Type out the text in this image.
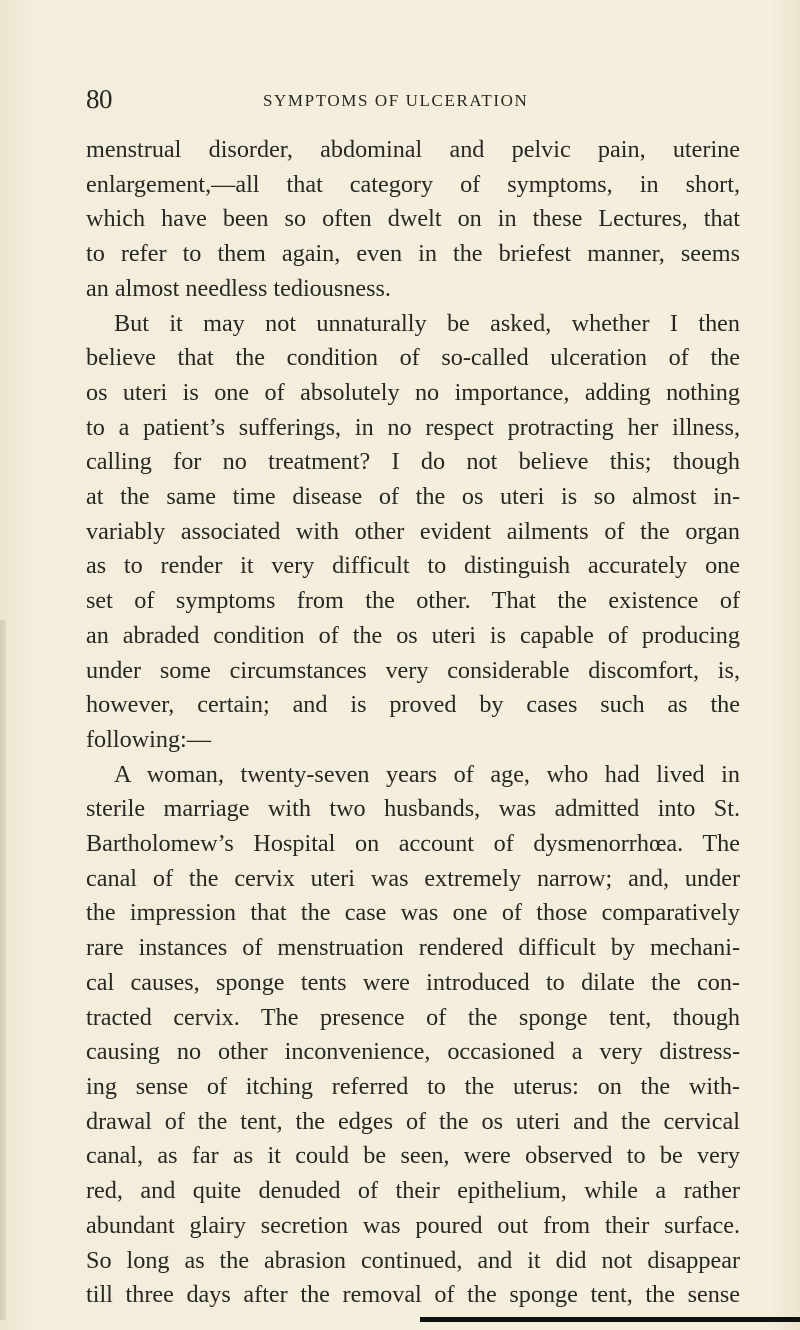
80	SYMPTOMS OF ULCERATION

menstrual disorder, abdominal and pelvic pain, uterine
enlargement,—all that category of symptoms, in short,
which have been so often dwelt on in these Lectures, that
to refer to them again, even in the briefest manner, seems
an almost needless tediousness.

But it may not unnaturally be asked, whether I then
believe that the condition of so-called ulceration of the
os uteri is one of absolutely no importance, adding nothing
to a patient’s sufferings, in no respect protracting her illness,
calling for no treatment? I do not believe this; though
at the same time disease of the os uteri is so almost in-
variably associated with other evident ailments of the organ
as to render it very difficult to distinguish accurately one
set of symptoms from the other. That the existence of
an abraded condition of the os uteri is capable of producing
under some circumstances very considerable discomfort, is,
however, certain; and is proved by cases such as the
following:—

A woman, twenty-seven years of age, who had lived in
sterile marriage with two husbands, was admitted into St.
Bartholomew’s Hospital on account of dysmenorrhœa. The
canal of the cervix uteri was extremely narrow; and, under
the impression that the case was one of those comparatively
rare instances of menstruation rendered difficult by mechani-
cal causes, sponge tents were introduced to dilate the con-
tracted cervix. The presence of the sponge tent, though
causing no other inconvenience, occasioned a very distress-
ing sense of itching referred to the uterus: on the with-
drawal of the tent, the edges of the os uteri and the cervical
canal, as far as it could be seen, were observed to be very
red, and quite denuded of their epithelium, while a rather
abundant glairy secretion was poured out from their surface.
So long as the abrasion continued, and it did not disappear
till three days after the removal of the sponge tent, the sense
